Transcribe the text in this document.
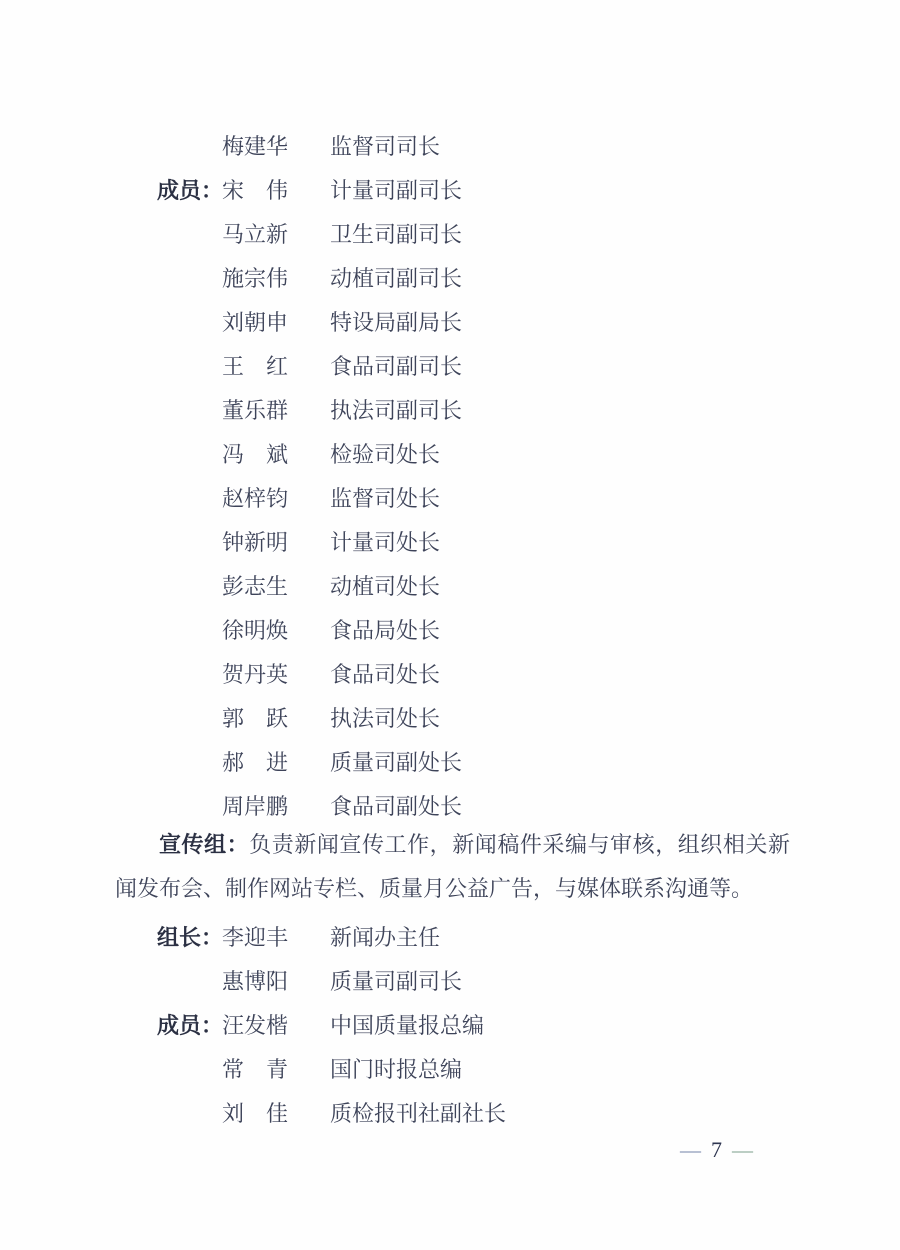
梅建华 监督司司长
成员：
宋伟 计量司副司长
马立新 卫生司副司长
施宗伟 动植司副司长
刘朝申 特设局副局长
王红 食品司副司长
董乐群 执法司副司长
冯斌 检验司处长
赵梓钧 监督司处长
钟新明 计量司处长
彭志生 动植司处长
徐明焕 食品局处长
贺丹英 食品司处长
郭跃 执法司处长
郝进 质量司副处长
周岸鹏 食品司副处长

宣传组：负责新闻宣传工作，新闻稿件采编与审核，组织相关新闻发布会、制作网站专栏、质量月公益广告，与媒体联系沟通等。

组长：
李迎丰 新闻办主任
惠博阳 质量司副司长
成员：
汪发楷 中国质量报总编
常青 国门时报总编
刘佳 质检报刊社副社长
— 7 —
